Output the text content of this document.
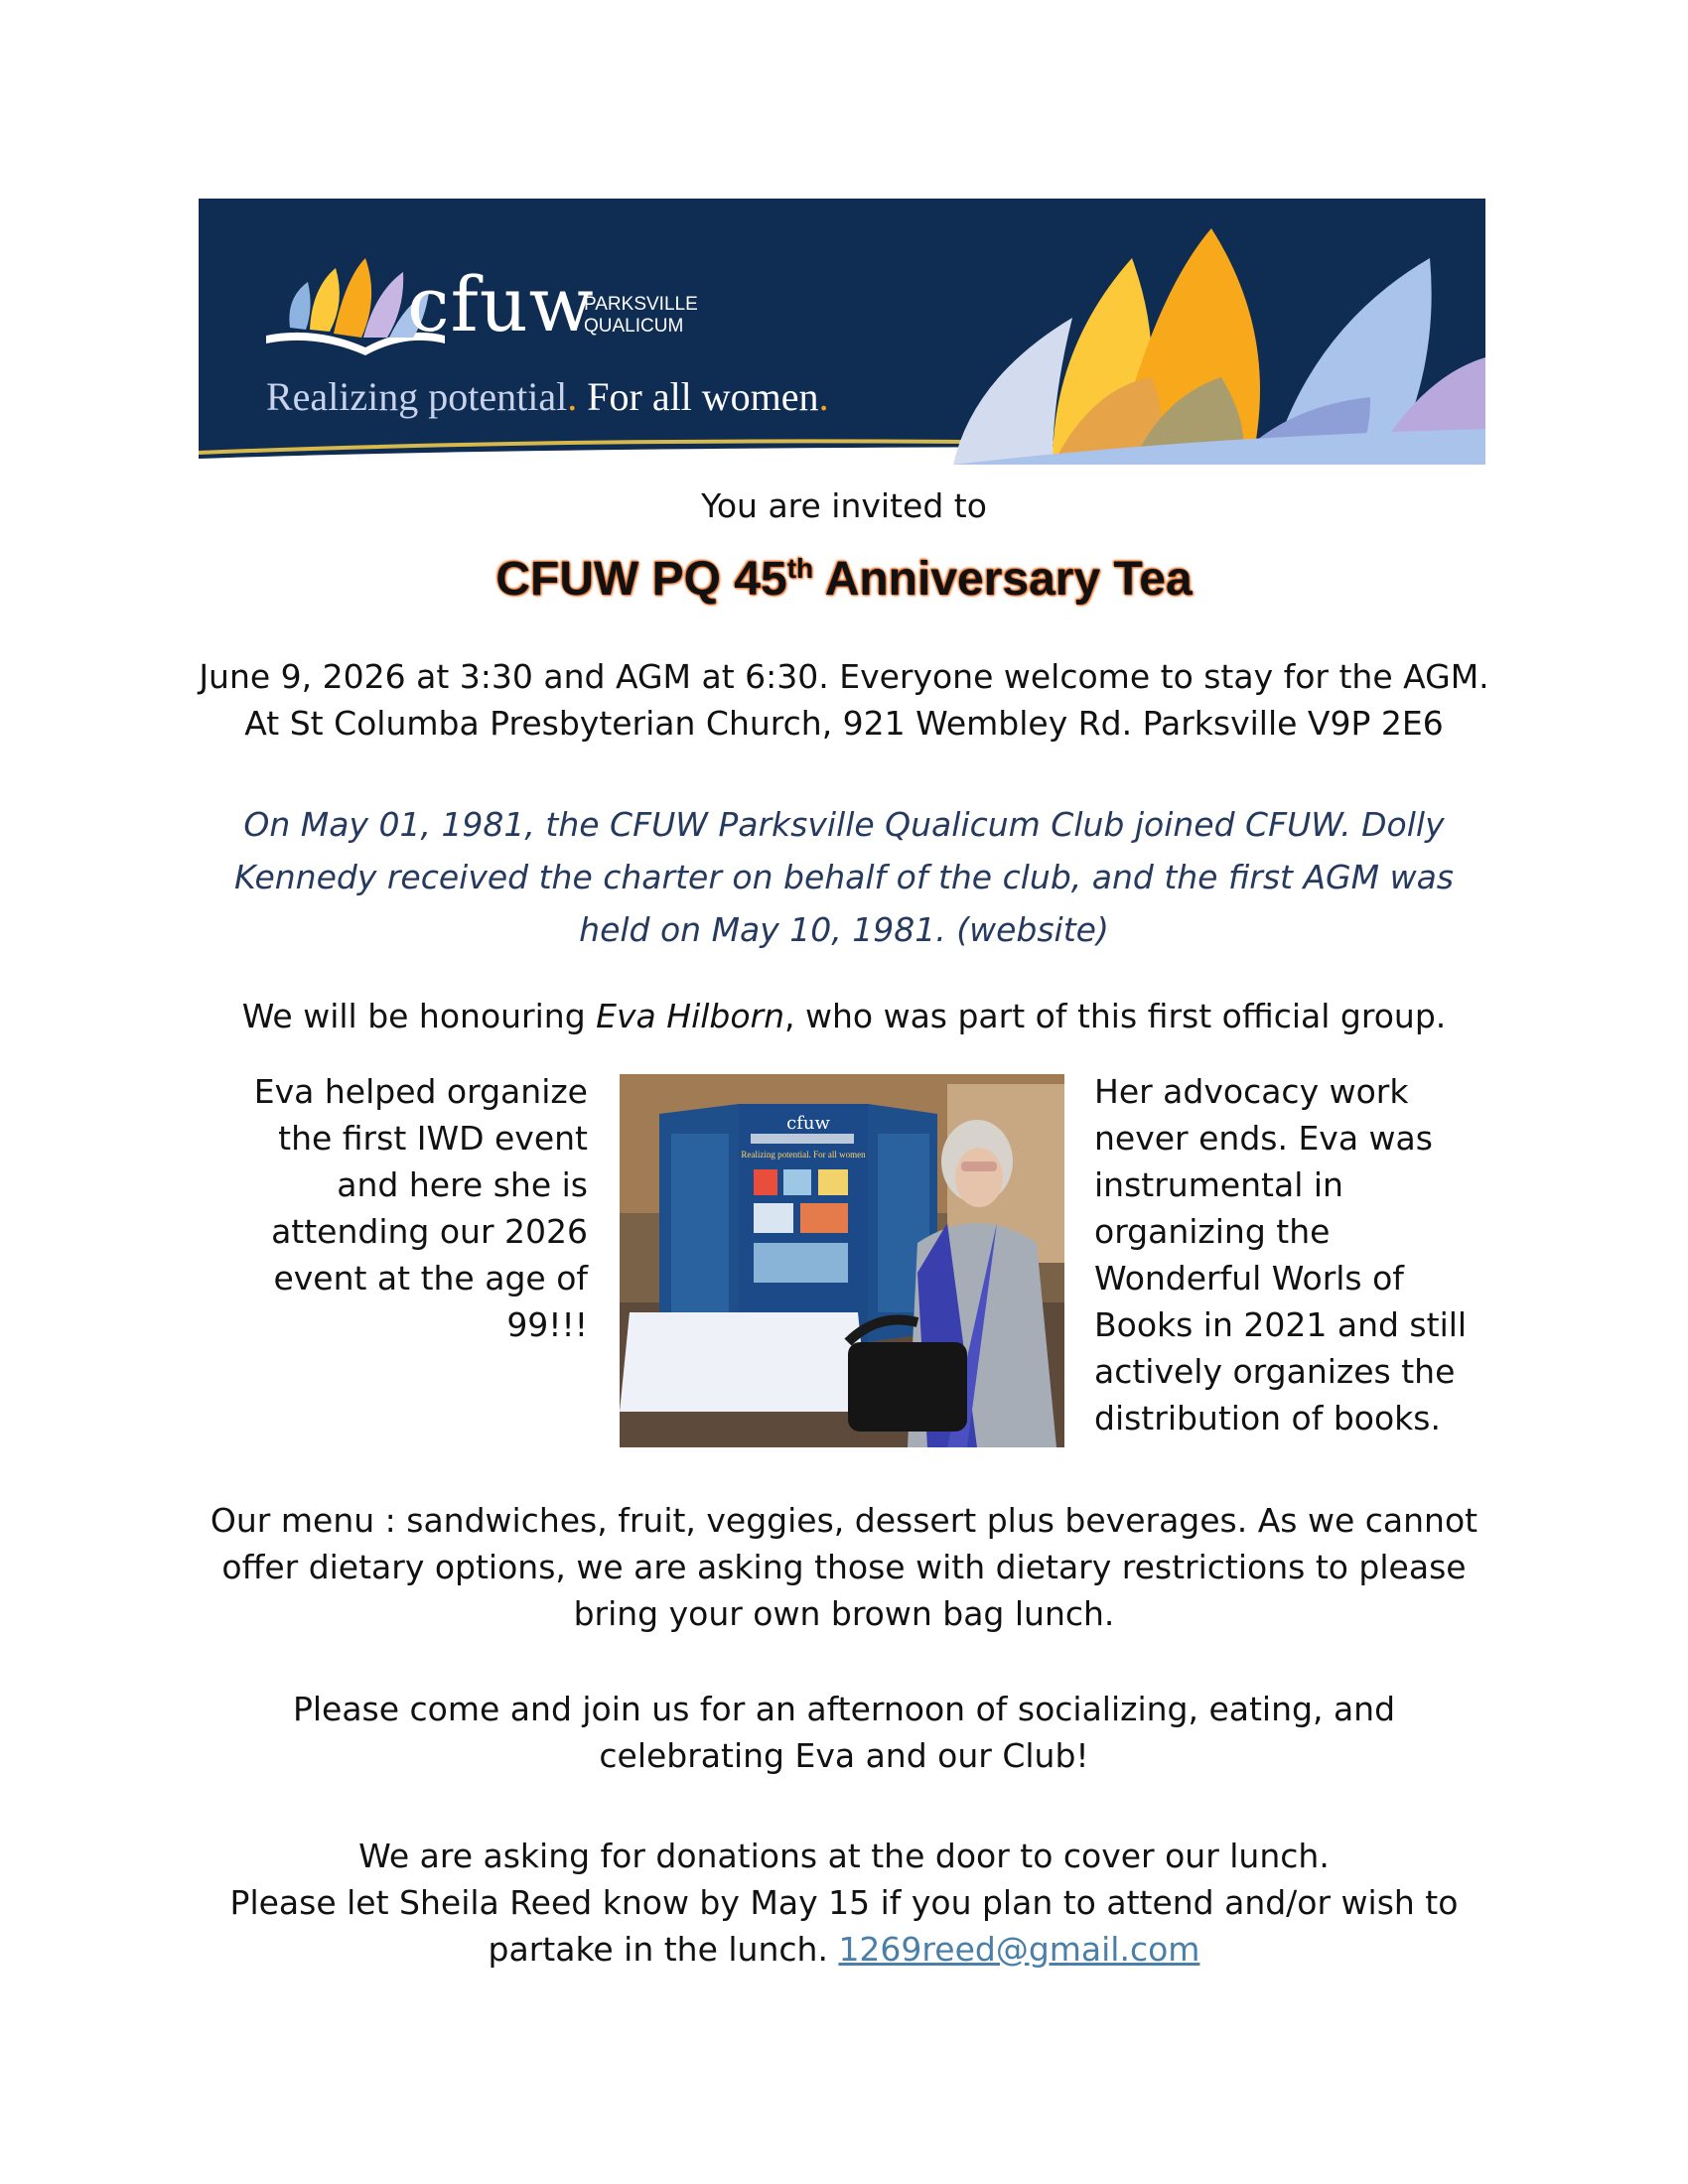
cfuw
PARKSVILLE
QUALICUM
Realizing potential. For all women.
You are invited to
CFUW PQ 45th Anniversary Tea
June 9, 2026 at 3:30 and AGM at 6:30. Everyone welcome to stay for the AGM.
At St Columba Presbyterian Church, 921 Wembley Rd. Parksville V9P 2E6
On May 01, 1981, the CFUW Parksville Qualicum Club joined CFUW. Dolly
Kennedy received the charter on behalf of the club, and the first AGM was
held on May 10, 1981. (website)
We will be honouring Eva Hilborn, who was part of this first official group.
Eva helped organize
the first IWD event
and here she is
attending our 2026
event at the age of
99!!!
cfuw
Realizing potential. For all women
Her advocacy work
never ends. Eva was
instrumental in
organizing the
Wonderful Worls of
Books in 2021 and still
actively organizes the
distribution of books.
Our menu : sandwiches, fruit, veggies, dessert plus beverages. As we cannot
offer dietary options, we are asking those with dietary restrictions to please
bring your own brown bag lunch.
Please come and join us for an afternoon of socializing, eating, and
celebrating Eva and our Club!
We are asking for donations at the door to cover our lunch.
Please let Sheila Reed know by May 15 if you plan to attend and/or wish to
partake in the lunch. 1269reed@gmail.com
